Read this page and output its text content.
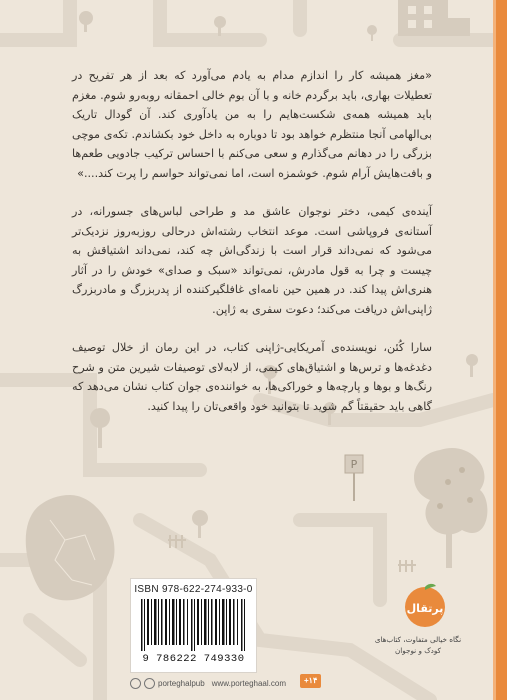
P

«مغز همیشه کار را اندازم مدام به یادم می‌آورد که بعد از هر تفریح در تعطیلات بهاری، باید برگردم خانه و با آن بوم خالی احمقانه روبه‌رو شوم. مغزم باید همیشه همه‌ی شکست‌هایم را به من یادآوری کند. آن گودال تاریک بی‌الهامی آنجا منتظرم خواهد بود تا دوباره به داخل خود بکشاندم. تکه‌ی موچی بزرگی را در دهانم می‌گذارم و سعی می‌کنم با احساس ترکیب جادویی طعم‌ها و بافت‌هایش آرام شوم. خوشمزه است، اما نمی‌تواند حواسم را پرت کند....»

آینده‌ی کیمی، دختر نوجوان عاشق مد و طراحی لباس‌های جسورانه، در آستانه‌ی فروپاشی است. موعد انتخاب رشته‌اش درحالی روزبه‌روز نزدیک‌تر می‌شود که نمی‌داند قرار است با زندگی‌اش چه کند، نمی‌داند اشتیاقش به چیست و چرا به قول مادرش، نمی‌تواند «سبک و صدای» خودش را در آثار هنری‌اش پیدا کند. در همین حین نامه‌ای غافلگیرکننده از پدربزرگ و مادربزرگ ژاپنی‌اش دریافت می‌کند؛ دعوت سفری به ژاپن.

سارا کُئن، نویسنده‌ی آمریکایی-ژاپنی کتاب، در این رمان از خلال توصیف دغدغه‌ها و ترس‌ها و اشتیاق‌های کیمی، از لابه‌لای توصیفات شیرین متن و شرح رنگ‌ها و بوها و پارچه‌ها و خوراکی‌ها، به خواننده‌ی جوان کتاب نشان می‌دهد که گاهی باید حقیقتاً گم شوید تا بتوانید خود واقعی‌تان را پیدا کنید.

ISBN 978-622-274-933-0
9 786222 749330
porteghalpub www.porteghaal.com	+۱۴
پرتقال
نگاه خیالی متفاوت، کتاب‌های کودک و نوجوان
